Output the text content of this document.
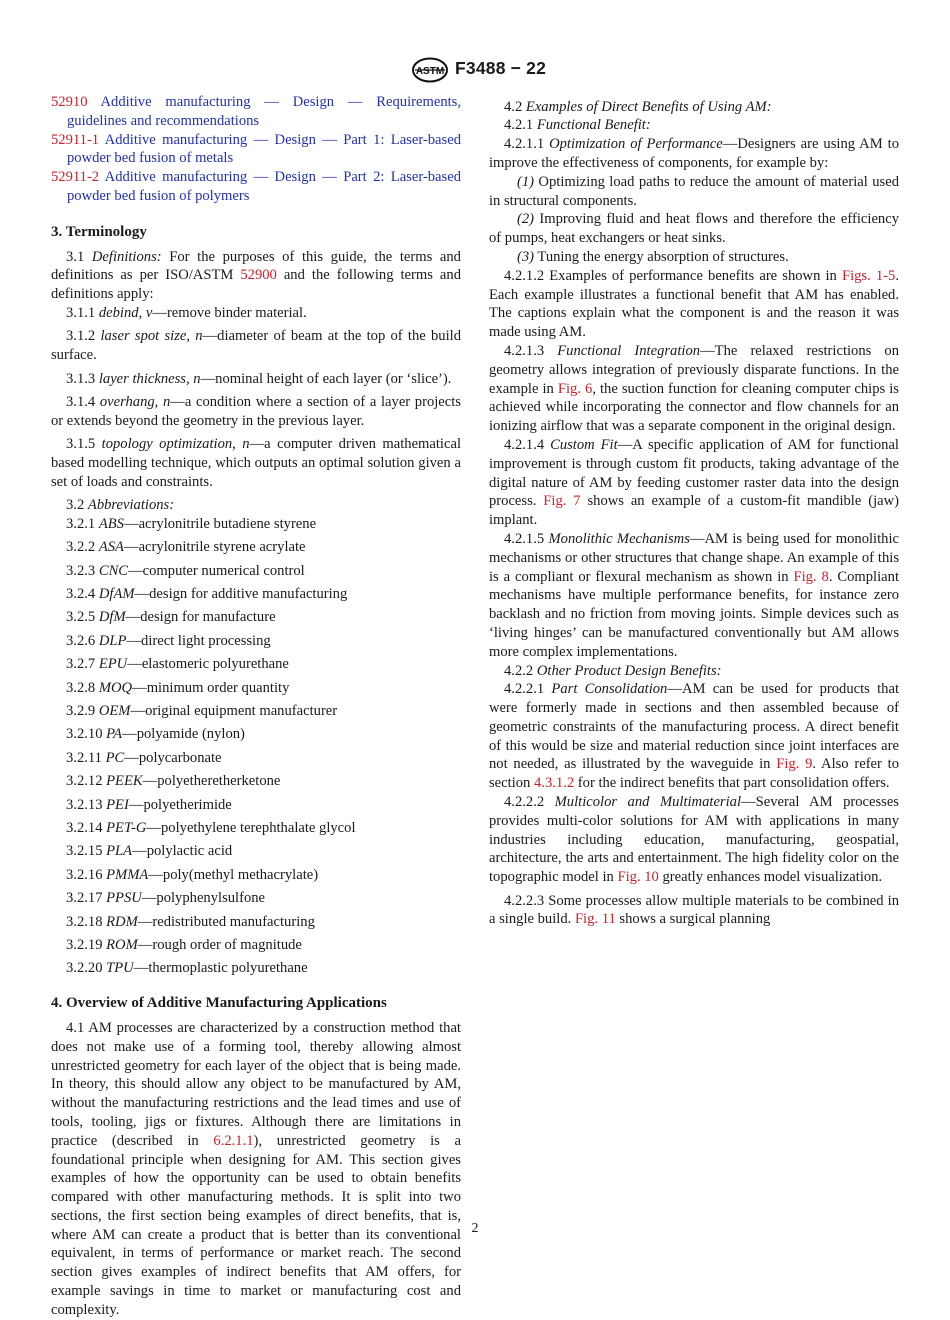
ASTM F3488 − 22

52910 Additive manufacturing — Design — Requirements, guidelines and recommendations

52911-1 Additive manufacturing — Design — Part 1: Laser-based powder bed fusion of metals

52911-2 Additive manufacturing — Design — Part 2: Laser-based powder bed fusion of polymers

3. Terminology

3.1 Definitions: For the purposes of this guide, the terms and definitions as per ISO/ASTM 52900 and the following terms and definitions apply:

3.1.1 debind, v—remove binder material.

3.1.2 laser spot size, n—diameter of beam at the top of the build surface.

3.1.3 layer thickness, n—nominal height of each layer (or ‘slice’).

3.1.4 overhang, n—a condition where a section of a layer projects or extends beyond the geometry in the previous layer.

3.1.5 topology optimization, n—a computer driven mathematical based modelling technique, which outputs an optimal solution given a set of loads and constraints.

3.2 Abbreviations:

3.2.1 ABS—acrylonitrile butadiene styrene

3.2.2 ASA—acrylonitrile styrene acrylate

3.2.3 CNC—computer numerical control

3.2.4 DfAM—design for additive manufacturing

3.2.5 DfM—design for manufacture

3.2.6 DLP—direct light processing

3.2.7 EPU—elastomeric polyurethane

3.2.8 MOQ—minimum order quantity

3.2.9 OEM—original equipment manufacturer

3.2.10 PA—polyamide (nylon)

3.2.11 PC—polycarbonate

3.2.12 PEEK—polyetheretherketone

3.2.13 PEI—polyetherimide

3.2.14 PET-G—polyethylene terephthalate glycol

3.2.15 PLA—polylactic acid

3.2.16 PMMA—poly(methyl methacrylate)

3.2.17 PPSU—polyphenylsulfone

3.2.18 RDM—redistributed manufacturing

3.2.19 ROM—rough order of magnitude

3.2.20 TPU—thermoplastic polyurethane

4. Overview of Additive Manufacturing Applications

4.1 AM processes are characterized by a construction method that does not make use of a forming tool, thereby allowing almost unrestricted geometry for each layer of the object that is being made. In theory, this should allow any object to be manufactured by AM, without the manufacturing restrictions and the lead times and use of tools, tooling, jigs or fixtures. Although there are limitations in practice (described in 6.2.1.1), unrestricted geometry is a foundational principle when designing for AM. This section gives examples of how the opportunity can be used to obtain benefits compared with other manufacturing methods. It is split into two sections, the first section being examples of direct benefits, that is, where AM can create a product that is better than its conventional equivalent, in terms of performance or market reach. The second section gives examples of indirect benefits that AM offers, for example savings in time to market or manufacturing cost and complexity.

4.2 Examples of Direct Benefits of Using AM:

4.2.1 Functional Benefit:

4.2.1.1 Optimization of Performance—Designers are using AM to improve the effectiveness of components, for example by:

(1) Optimizing load paths to reduce the amount of material used in structural components.

(2) Improving fluid and heat flows and therefore the efficiency of pumps, heat exchangers or heat sinks.

(3) Tuning the energy absorption of structures.

4.2.1.2 Examples of performance benefits are shown in Figs. 1-5. Each example illustrates a functional benefit that AM has enabled. The captions explain what the component is and the reason it was made using AM.

4.2.1.3 Functional Integration—The relaxed restrictions on geometry allows integration of previously disparate functions. In the example in Fig. 6, the suction function for cleaning computer chips is achieved while incorporating the connector and flow channels for an ionizing airflow that was a separate component in the original design.

4.2.1.4 Custom Fit—A specific application of AM for functional improvement is through custom fit products, taking advantage of the digital nature of AM by feeding customer raster data into the design process. Fig. 7 shows an example of a custom-fit mandible (jaw) implant.

4.2.1.5 Monolithic Mechanisms—AM is being used for monolithic mechanisms or other structures that change shape. An example of this is a compliant or flexural mechanism as shown in Fig. 8. Compliant mechanisms have multiple performance benefits, for instance zero backlash and no friction from moving joints. Simple devices such as ‘living hinges’ can be manufactured conventionally but AM allows more complex implementations.

4.2.2 Other Product Design Benefits:

4.2.2.1 Part Consolidation—AM can be used for products that were formerly made in sections and then assembled because of geometric constraints of the manufacturing process. A direct benefit of this would be size and material reduction since joint interfaces are not needed, as illustrated by the waveguide in Fig. 9. Also refer to section 4.3.1.2 for the indirect benefits that part consolidation offers.

4.2.2.2 Multicolor and Multimaterial—Several AM processes provides multi-color solutions for AM with applications in many industries including education, manufacturing, geospatial, architecture, the arts and entertainment. The high fidelity color on the topographic model in Fig. 10 greatly enhances model visualization.

4.2.2.3 Some processes allow multiple materials to be combined in a single build. Fig. 11 shows a surgical planning

2
